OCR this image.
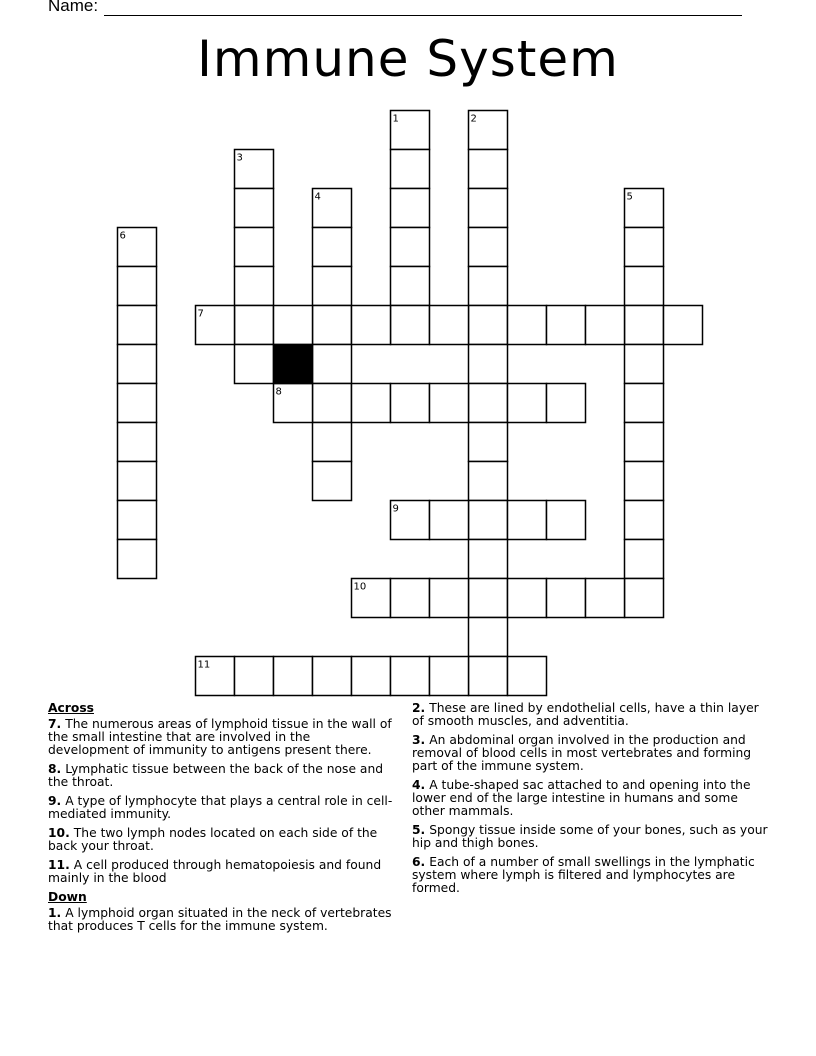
Name:
Immune System
1	2
3
4	5
6
7
8
9
10
11
Across
7. The numerous areas of lymphoid tissue in the wall of the small intestine that are involved in the development of immunity to antigens present there.
8. Lymphatic tissue between the back of the nose and the throat.
9. A type of lymphocyte that plays a central role in cell-mediated immunity.
10. The two lymph nodes located on each side of the back your throat.
11. A cell produced through hematopoiesis and found mainly in the blood
Down
1. A lymphoid organ situated in the neck of vertebrates that produces T cells for the immune system.
2. These are lined by endothelial cells, have a thin layer of smooth muscles, and adventitia.
3. An abdominal organ involved in the production and removal of blood cells in most vertebrates and forming part of the immune system.
4. A tube-shaped sac attached to and opening into the lower end of the large intestine in humans and some other mammals.
5. Spongy tissue inside some of your bones, such as your hip and thigh bones.
6. Each of a number of small swellings in the lymphatic system where lymph is filtered and lymphocytes are formed.
